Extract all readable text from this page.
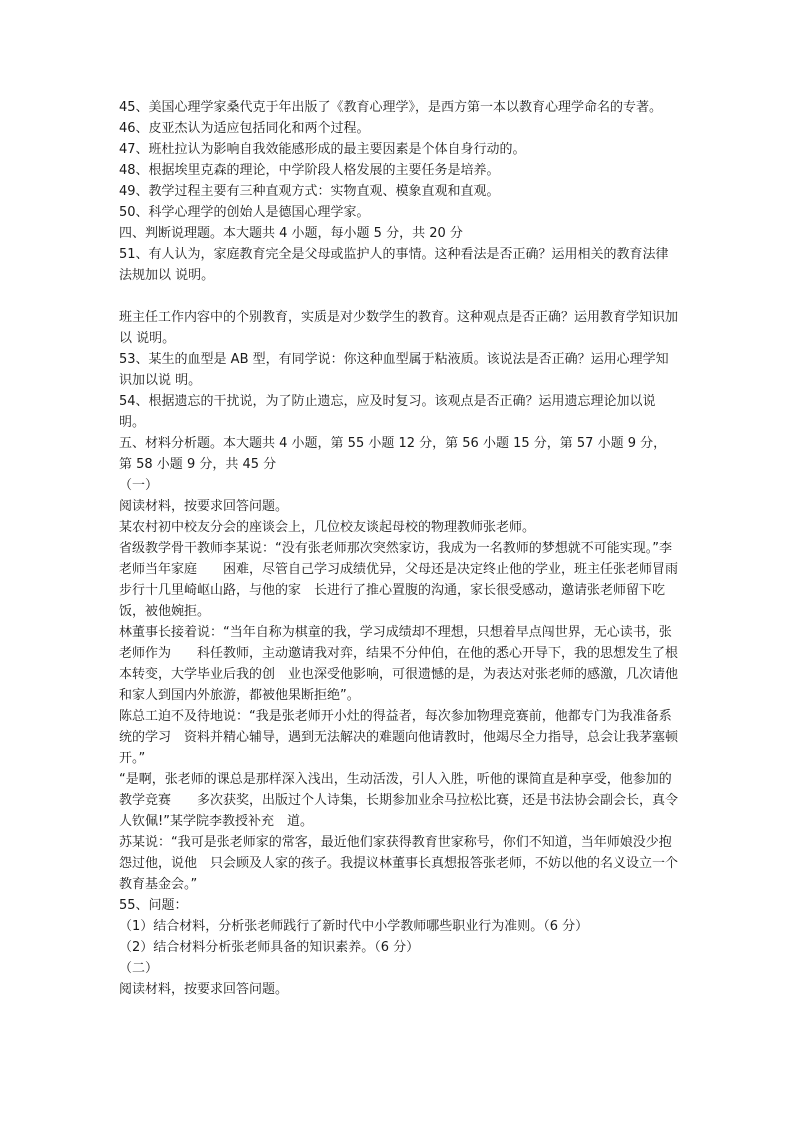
45、美国心理学家桑代克于年出版了《教育心理学》，是西方第一本以教育心理学命名的专著。

46、皮亚杰认为适应包括同化和两个过程。

47、班杜拉认为影响自我效能感形成的最主要因素是个体自身行动的。

48、根据埃里克森的理论，中学阶段人格发展的主要任务是培养。

49、教学过程主要有三种直观方式：实物直观、模象直观和直观。

50、科学心理学的创始人是德国心理学家。

四、判断说理题。本大题共 4 小题，每小题 5 分，共 20 分

51、有人认为，家庭教育完全是父母或监护人的事情。这种看法是否正确？运用相关的教育法律法规加以 说明。

班主任工作内容中的个别教育，实质是对少数学生的教育。这种观点是否正确？运用教育学知识加以 说明。

53、某生的血型是 AB 型，有同学说：你这种血型属于粘液质。该说法是否正确？运用心理学知识加以说 明。

54、根据遗忘的干扰说，为了防止遗忘，应及时复习。该观点是否正确？运用遗忘理论加以说明。

五、材料分析题。本大题共 4 小题，第 55 小题 12 分，第 56 小题 15 分，第 57 小题 9 分，第 58 小题 9 分，共 45 分

（一）

阅读材料，按要求回答问题。

某农村初中校友分会的座谈会上，几位校友谈起母校的物理教师张老师。

省级教学骨干教师李某说：“没有张老师那次突然家访，我成为一名教师的梦想就不可能实现。”李老师当年家庭　　困难，尽管自己学习成绩优异，父母还是决定终止他的学业，班主任张老师冒雨步行十几里崎岖山路，与他的家　长进行了推心置腹的沟通，家长很受感动，邀请张老师留下吃饭，被他婉拒。

林董事长接着说：“当年自称为棋童的我，学习成绩却不理想，只想着早点闯世界，无心读书，张老师作为　　科任教师，主动邀请我对弈，结果不分仲伯，在他的悉心开导下，我的思想发生了根本转变，大学毕业后我的创　业也深受他影响，可很遗憾的是，为表达对张老师的感激，几次请他和家人到国内外旅游，都被他果断拒绝”。

陈总工迫不及待地说：“我是张老师开小灶的得益者，每次参加物理竞赛前，他都专门为我准备系统的学习　资料并精心辅导，遇到无法解决的难题向他请教时，他竭尽全力指导，总会让我茅塞顿开。”

“是啊，张老师的课总是那样深入浅出，生动活泼，引人入胜，听他的课简直是种享受，他参加的教学竞赛　　多次获奖，出版过个人诗集，长期参加业余马拉松比赛，还是书法协会副会长，真令人钦佩!”某学院李教授补充　道。

苏某说：“我可是张老师家的常客，最近他们家获得教育世家称号，你们不知道，当年师娘没少抱怨过他，说他　只会顾及人家的孩子。我提议林董事长真想报答张老师，不妨以他的名义设立一个教育基金会。”

55、问题：

（1）结合材料，分析张老师践行了新时代中小学教师哪些职业行为准则。（6 分）

（2）结合材料分析张老师具备的知识素养。（6 分）

（二）

阅读材料，按要求回答问题。
